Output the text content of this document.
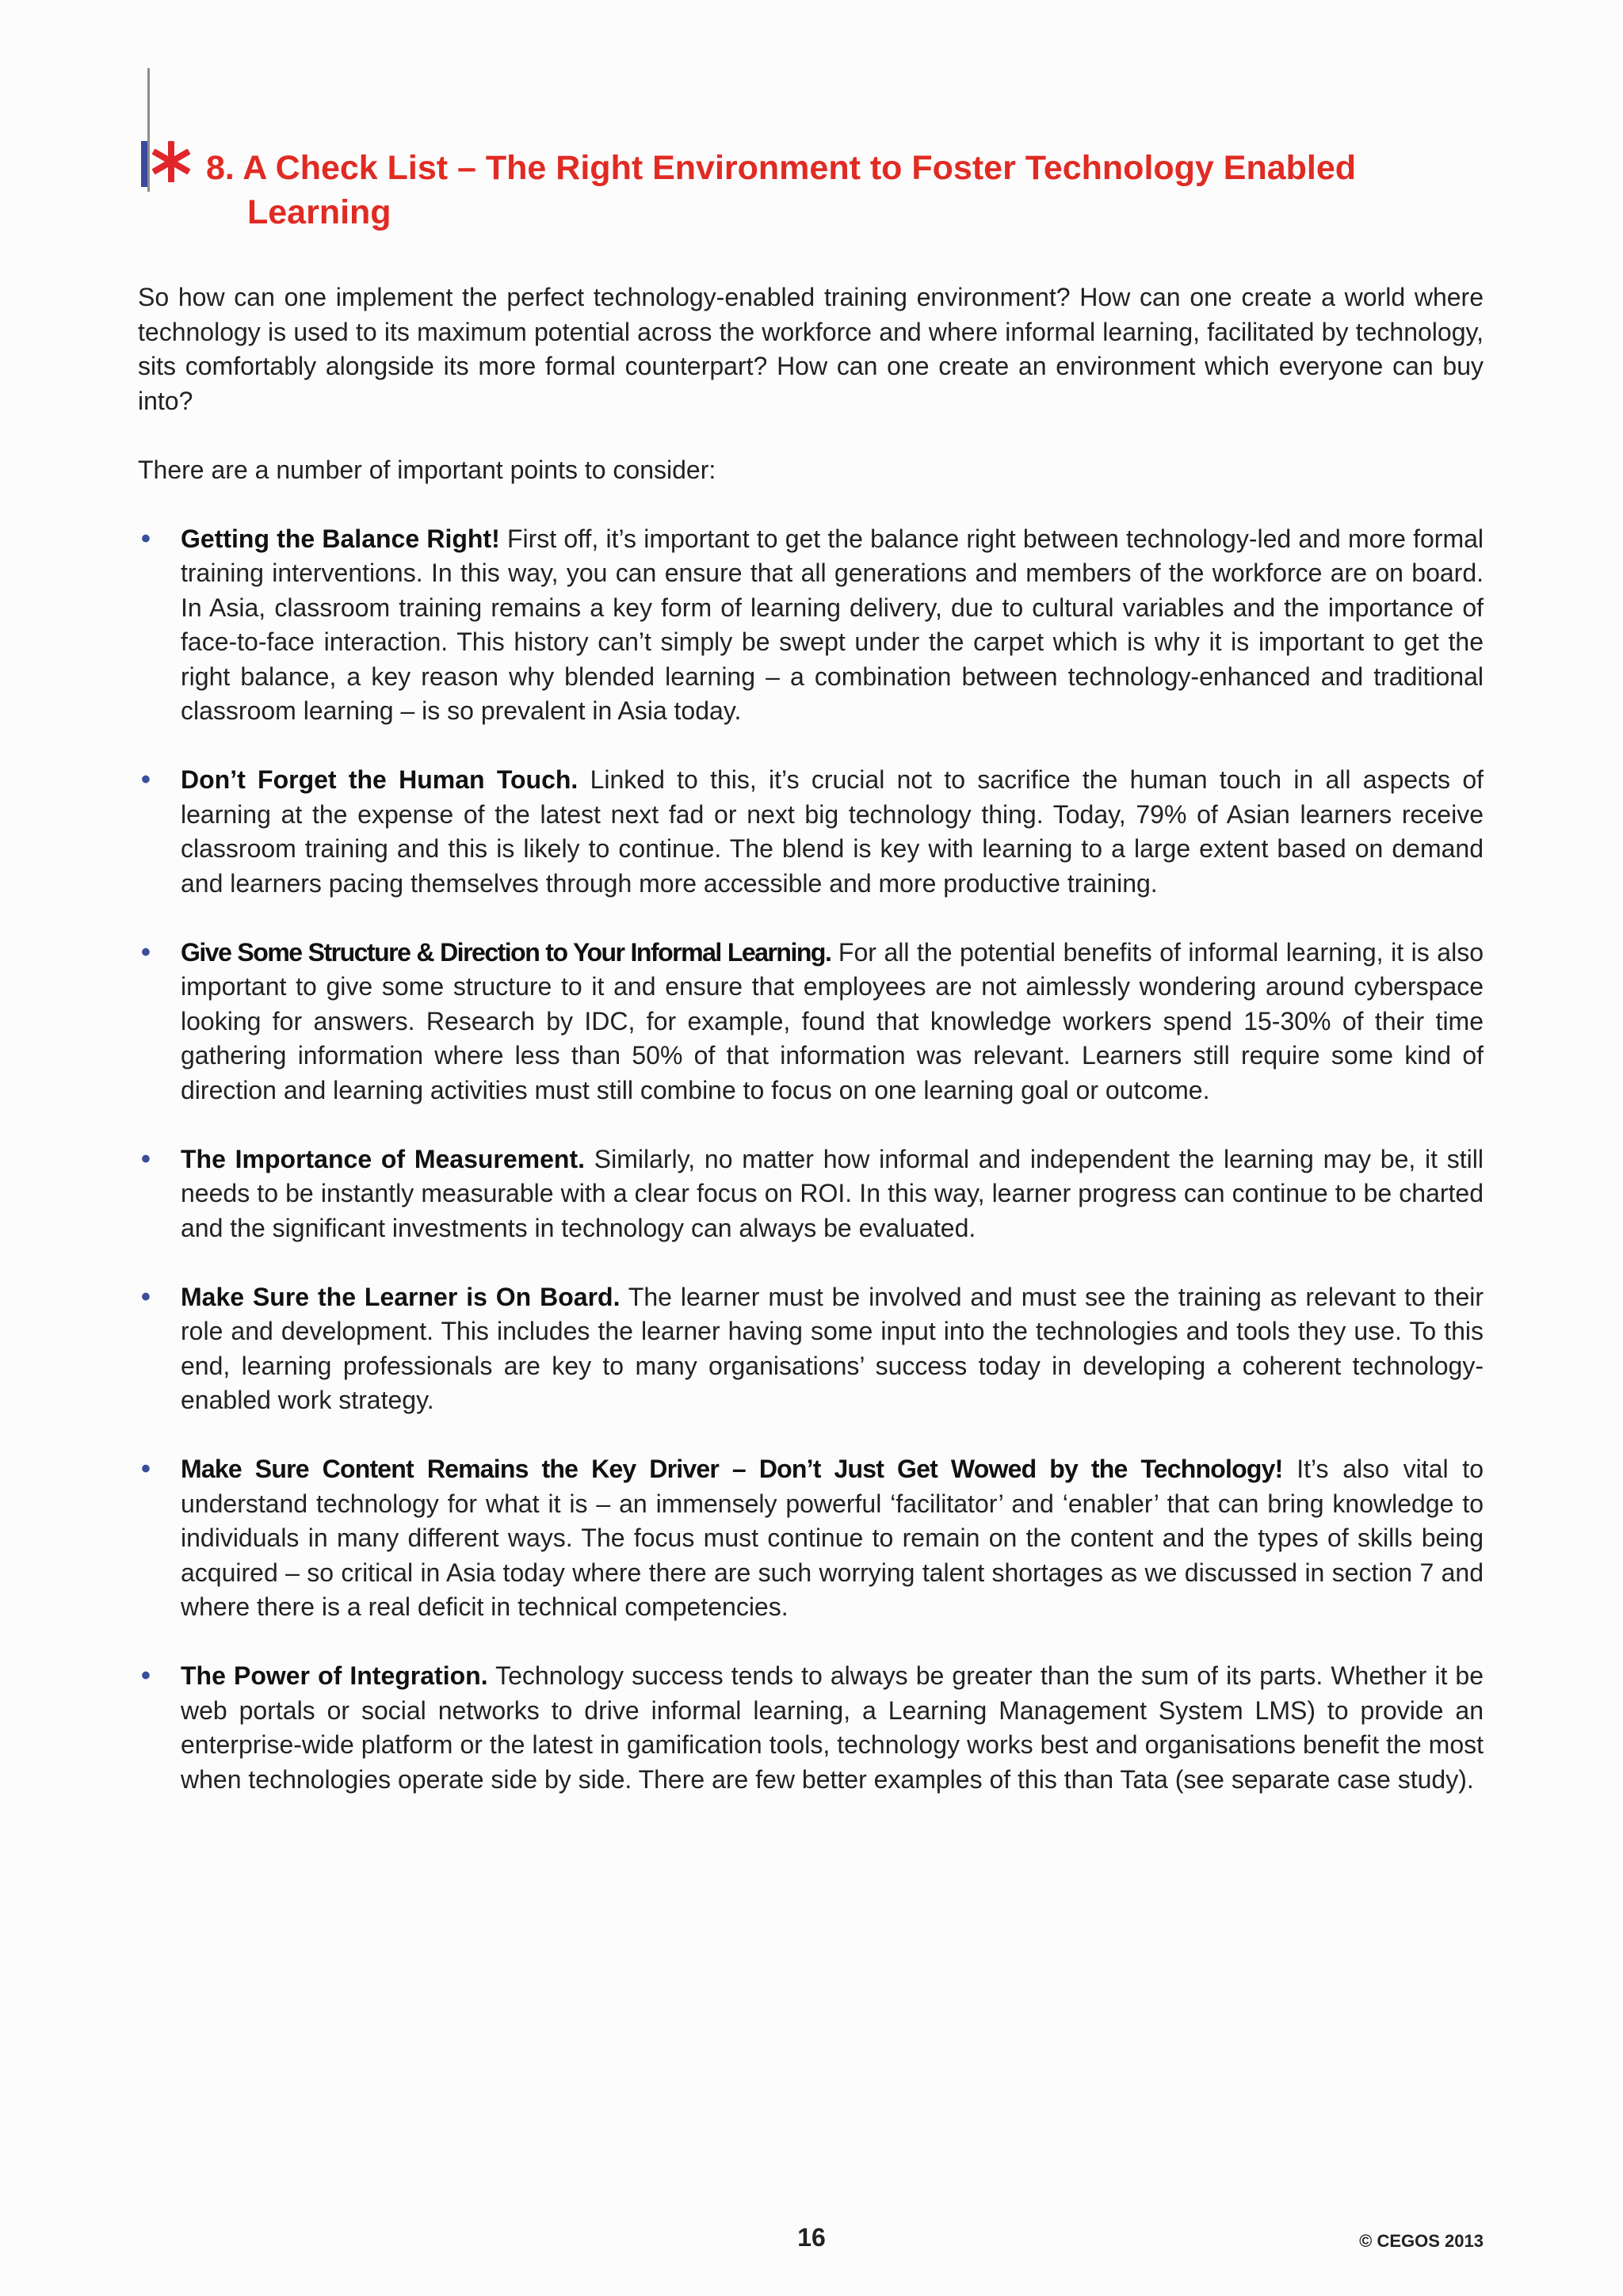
8. A Check List – The Right Environment to Foster Technology Enabled
Learning

So how can one implement the perfect technology-enabled training environment? How can one create a world where technology is used to its maximum potential across the workforce and where informal learning, facilitated by technology, sits comfortably alongside its more formal counterpart? How can one create an environment which everyone can buy into?

There are a number of important points to consider:

• Getting the Balance Right! First off, it’s important to get the balance right between technology-led and more formal training interventions. In this way, you can ensure that all generations and members of the workforce are on board. In Asia, classroom training remains a key form of learning delivery, due to cultural variables and the importance of face-to-face interaction. This history can’t simply be swept under the carpet which is why it is important to get the right balance, a key reason why blended learning – a combination between technology-enhanced and traditional classroom learning – is so prevalent in Asia today.
• Don’t Forget the Human Touch. Linked to this, it’s crucial not to sacrifice the human touch in all aspects of learning at the expense of the latest next fad or next big technology thing. Today, 79% of Asian learners receive classroom training and this is likely to continue. The blend is key with learning to a large extent based on demand and learners pacing themselves through more accessible and more productive training.
• Give Some Structure & Direction to Your Informal Learning. For all the potential benefits of informal learning, it is also important to give some structure to it and ensure that employees are not aimlessly wondering around cyberspace looking for answers. Research by IDC, for example, found that knowledge workers spend 15-30% of their time gathering information where less than 50% of that information was relevant. Learners still require some kind of direction and learning activities must still combine to focus on one learning goal or outcome.
• The Importance of Measurement. Similarly, no matter how informal and independent the learning may be, it still needs to be instantly measurable with a clear focus on ROI. In this way, learner progress can continue to be charted and the significant investments in technology can always be evaluated.
• Make Sure the Learner is On Board. The learner must be involved and must see the training as relevant to their role and development. This includes the learner having some input into the technologies and tools they use. To this end, learning professionals are key to many organisations’ success today in developing a coherent technology-enabled work strategy.
• Make Sure Content Remains the Key Driver – Don’t Just Get Wowed by the Technology! It’s also vital to understand technology for what it is – an immensely powerful ‘facilitator’ and ‘enabler’ that can bring knowledge to individuals in many different ways. The focus must continue to remain on the content and the types of skills being acquired – so critical in Asia today where there are such worrying talent shortages as we discussed in section 7 and where there is a real deficit in technical competencies.
• The Power of Integration. Technology success tends to always be greater than the sum of its parts. Whether it be web portals or social networks to drive informal learning, a Learning Management System LMS) to provide an enterprise-wide platform or the latest in gamification tools, technology works best and organisations benefit the most when technologies operate side by side. There are few better examples of this than Tata (see separate case study).
16	© CEGOS 2013
